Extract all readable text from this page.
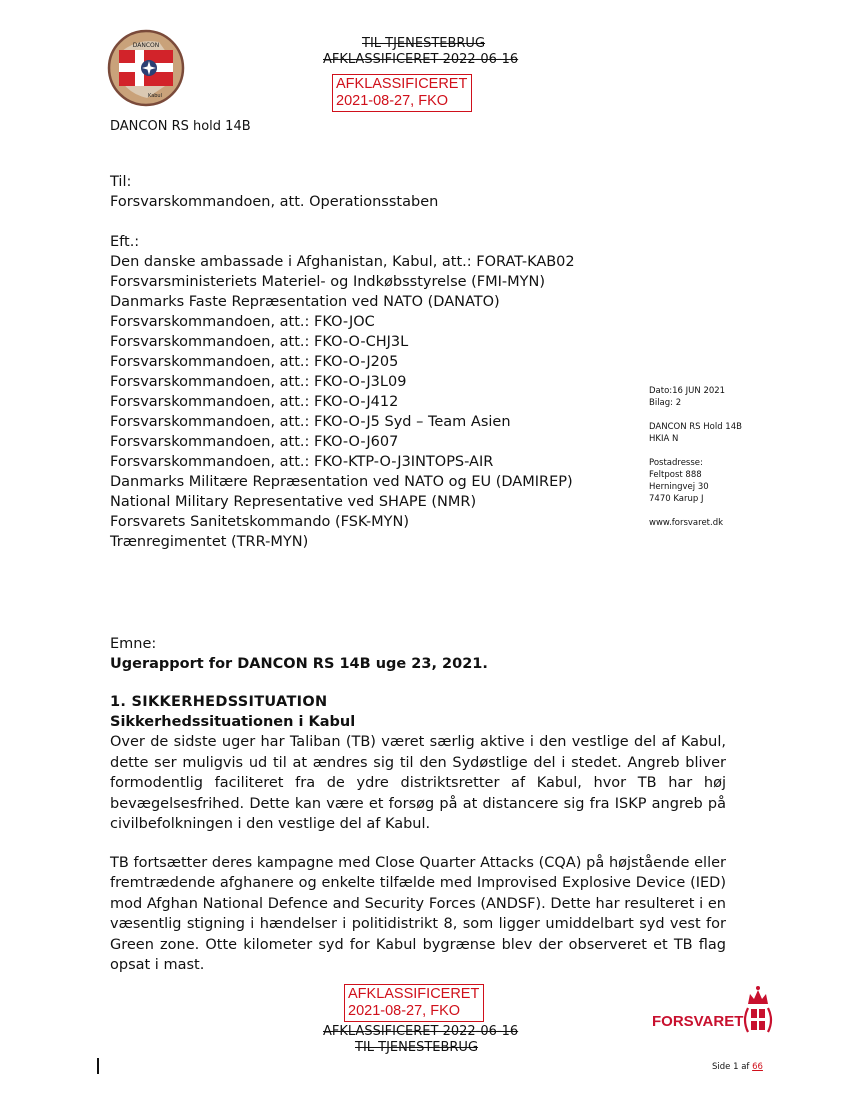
TIL TJENESTEBRUG
AFKLASSIFICERET 2022-06-16
AFKLASSIFICERET
2021-08-27, FKO
DANCON
Kabul
DANCON RS hold 14B
Til:
Forsvarskommandoen, att. Operationsstaben
Eft.:
Den danske ambassade i Afghanistan, Kabul, att.: FORAT-KAB02
Forsvarsministeriets Materiel- og Indkøbsstyrelse (FMI-MYN)
Danmarks Faste Repræsentation ved NATO (DANATO)
Forsvarskommandoen, att.: FKO-JOC
Forsvarskommandoen, att.: FKO-O-CHJ3L
Forsvarskommandoen, att.: FKO-O-J205
Forsvarskommandoen, att.: FKO-O-J3L09
Forsvarskommandoen, att.: FKO-O-J412
Forsvarskommandoen, att.: FKO-O-J5 Syd – Team Asien
Forsvarskommandoen, att.: FKO-O-J607
Forsvarskommandoen, att.: FKO-KTP-O-J3INTOPS-AIR
Danmarks Militære Repræsentation ved NATO og EU (DAMIREP)
National Military Representative ved SHAPE (NMR)
Forsvarets Sanitetskommando (FSK-MYN)
Trænregimentet (TRR-MYN)
Dato:16 JUN 2021
Bilag: 2
DANCON RS Hold 14B
HKIA N
Postadresse:
Feltpost 888
Herningvej 30
7470 Karup J
www.forsvaret.dk
Emne:
Ugerapport for DANCON RS 14B uge 23, 2021.
1. SIKKERHEDSSITUATION
Sikkerhedssituationen i Kabul

Over de sidste uger har Taliban (TB) været særlig aktive i den vestlige del af Kabul, dette ser muligvis ud til at ændres sig til den Sydøstlige del i stedet. Angreb bliver formodentlig faciliteret fra de ydre distriktsretter af Kabul, hvor TB har høj bevægelsesfrihed. Dette kan være et forsøg på at distancere sig fra ISKP angreb på civilbefolkningen i den vestlige del af Kabul.

TB fortsætter deres kampagne med Close Quarter Attacks (CQA) på højstående eller fremtrædende afghanere og enkelte tilfælde med Improvised Explosive Device (IED) mod Afghan National Defence and Security Forces (ANDSF). Dette har resulteret i en væsentlig stigning i hændelser i politidistrikt 8, som ligger umiddelbart syd vest for Green zone. Otte kilometer syd for Kabul bygrænse blev der observeret et TB flag opsat i mast.

AFKLASSIFICERET
2021-08-27, FKO
AFKLASSIFICERET 2022-06-16
TIL TJENESTEBRUG
FORSVARET
Side 1 af 66
